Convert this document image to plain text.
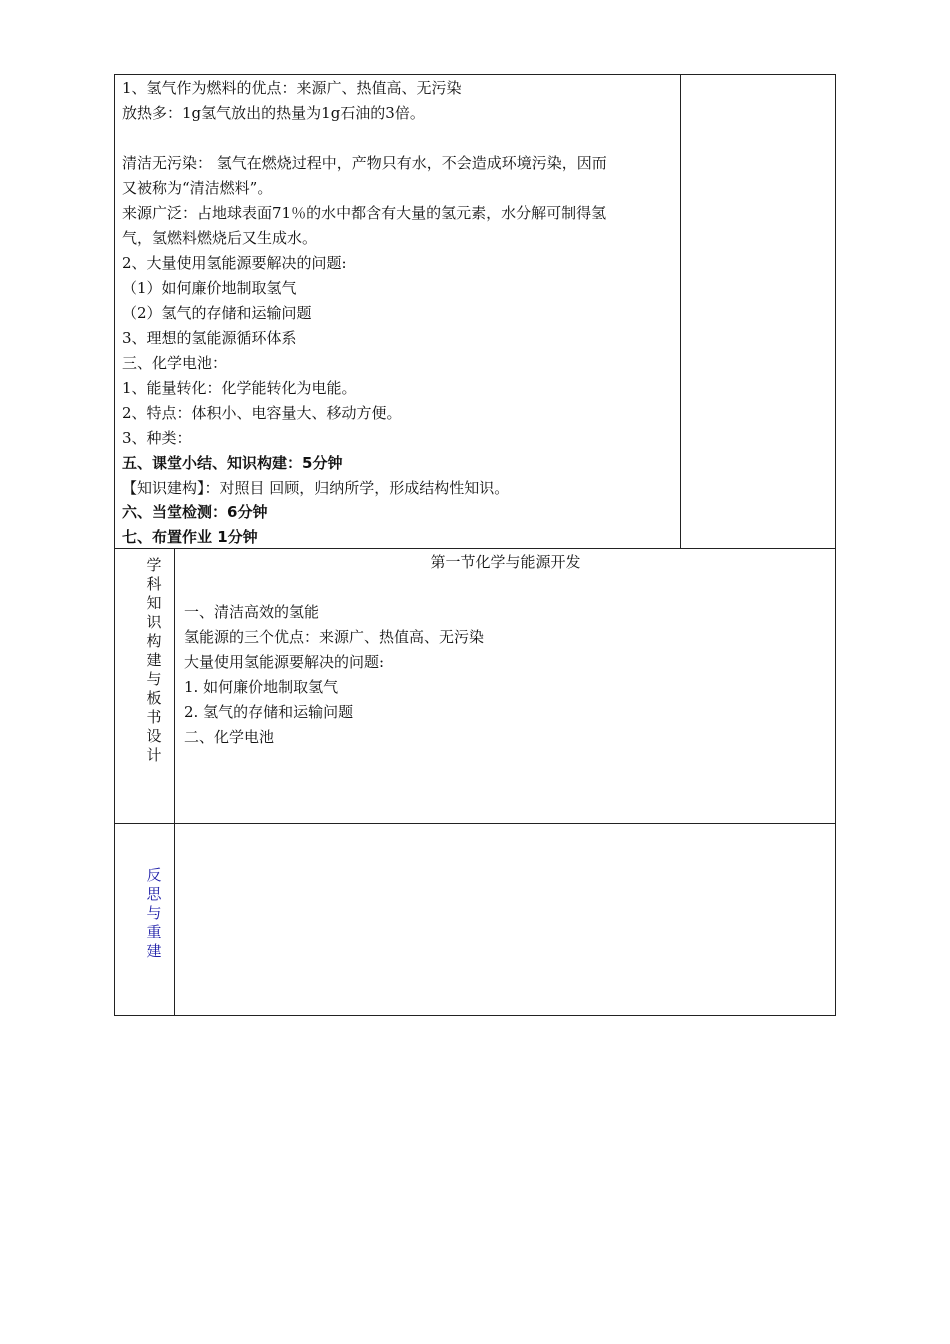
1、氢气作为燃料的优点：来源广、热值高、无污染
放热多：1g氢气放出的热量为1g石油的3倍。
清洁无污染： 氢气在燃烧过程中，产物只有水，不会造成环境污染，因而
又被称为“清洁燃料”。
来源广泛：占地球表面71％的水中都含有大量的氢元素，水分解可制得氢
气，氢燃料燃烧后又生成水。
2、大量使用氢能源要解决的问题:
（1）如何廉价地制取氢气
（2）氢气的存储和运输问题
3、理想的氢能源循环体系
三、化学电池：
1、能量转化：化学能转化为电能。
2、特点：体积小、电容量大、移动方便。
3、种类：
五、课堂小结、知识构建：5分钟
【知识建构】：对照目 回顾，归纳所学，形成结构性知识。
六、当堂检测：6分钟
七、布置作业 1分钟
学
科
知
识
构
建
与
板
书
设
计
第一节化学与能源开发
一、清洁高效的氢能
氢能源的三个优点：来源广、热值高、无污染
大量使用氢能源要解决的问题:
1. 如何廉价地制取氢气
2. 氢气的存储和运输问题
二、化学电池
反
思
与
重
建
